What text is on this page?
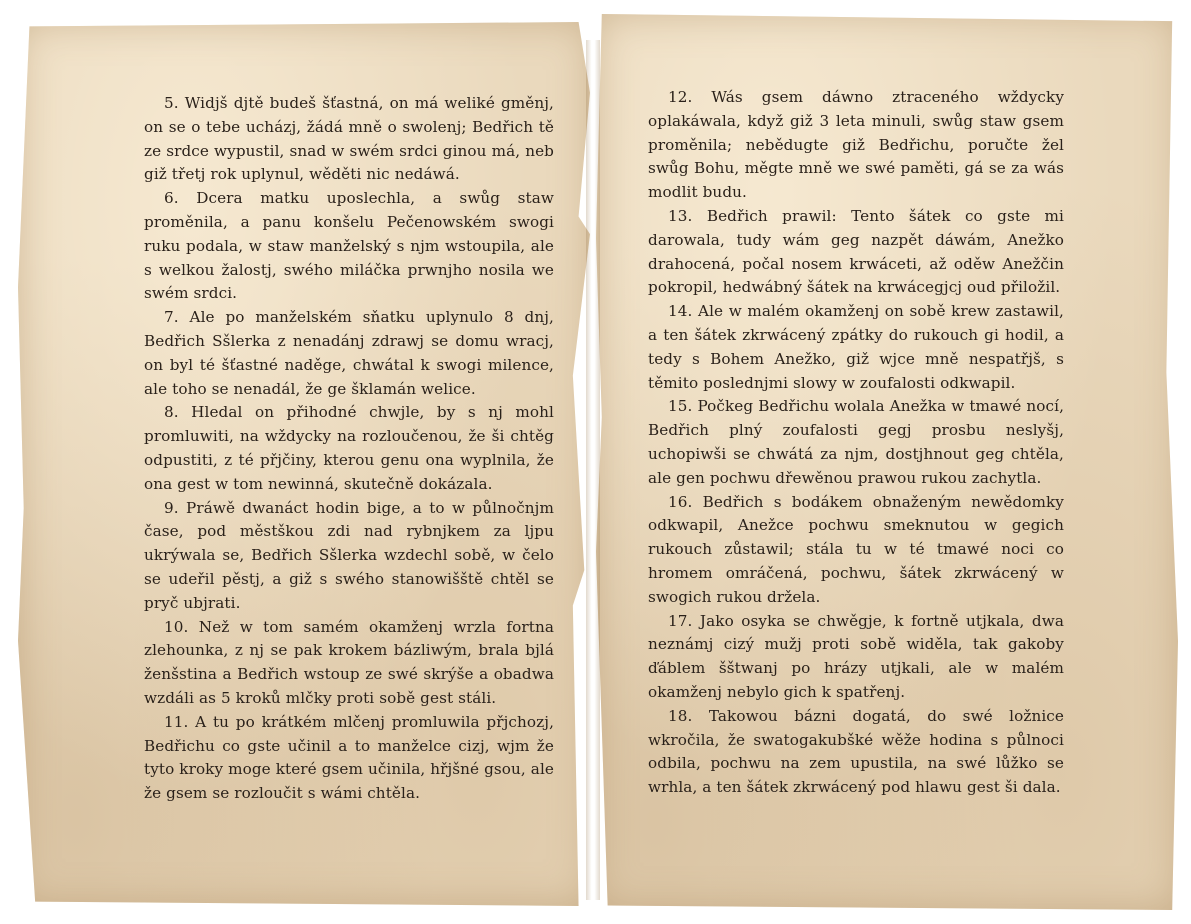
5. Widjš djtě budeš šťastná, on má weliké gměnj, on se o tebe ucházj, žádá mně o swolenj; Bedřich tě ze srdce wypustil, snad w swém srdci ginou má, neb giž třetj rok uplynul, wěděti nic nedáwá.

6. Dcera matku uposlechla, a swůg staw proměnila, a panu konšelu Pečenowském swogi ruku podala, w staw manželský s njm wstoupila, ale s welkou žalostj, swého miláčka prwnjho nosila we swém srdci.

7. Ale po manželském sňatku uplynulo 8 dnj, Bedřich Sšlerka z nenadánj zdrawj se domu wracj, on byl té šťastné naděge, chwátal k swogi milence, ale toho se nenadál, že ge šklamán welice.

8. Hledal on přihodné chwjle, by s nj mohl promluwiti, na wždycky na rozloučenou, že ši chtěg odpustiti, z té přjčiny, kterou genu ona wyplnila, že ona gest w tom newinná, skutečně dokázala.

9. Práwě dwanáct hodin bige, a to w půlnočnjm čase, pod městškou zdi nad rybnjkem za ljpu ukrýwala se, Bedřich Sšlerka wzdechl sobě, w čelo se udeřil pěstj, a giž s swého stanowišště chtěl se pryč ubjrati.

10. Než w tom samém okamženj wrzla fortna zlehounka, z nj se pak krokem bázliwým, brala bjlá ženšstina a Bedřich wstoup ze swé skrýše a obadwa wzdáli as 5 kroků mlčky proti sobě gest stáli.

11. A tu po krátkém mlčenj promluwila přjchozj, Bedřichu co gste učinil a to manželce cizj, wjm že tyto kroky moge které gsem učinila, hřjšné gsou, ale že gsem se rozloučit s wámi chtěla.

12. Wás gsem dáwno ztraceného wždycky oplakáwala, když giž 3 leta minuli, swůg staw gsem proměnila; nebědugte giž Bedřichu, poručte žel swůg Bohu, měgte mně we swé paměti, gá se za wás modlit budu.

13. Bedřich prawil: Tento šátek co gste mi darowala, tudy wám geg nazpět dáwám, Anežko drahocená, počal nosem krwáceti, až oděw Anežčin pokropil, hedwábný šátek na krwácegjcj oud přiložil.

14. Ale w malém okamženj on sobě krew zastawil, a ten šátek zkrwácený zpátky do rukouch gi hodil, a tedy s Bohem Anežko, giž wjce mně nespatřjš, s těmito poslednjmi slowy w zoufalosti odkwapil.

15. Počkeg Bedřichu wolala Anežka w tmawé nocí, Bedřich plný zoufalosti gegj prosbu neslyšj, uchopiwši se chwátá za njm, dostjhnout geg chtěla, ale gen pochwu dřewěnou prawou rukou zachytla.

16. Bedřich s bodákem obnaženým newědomky odkwapil, Anežce pochwu smeknutou w gegich rukouch zůstawil; stála tu w té tmawé noci co hromem omráčená, pochwu, šátek zkrwácený w swogich rukou držela.

17. Jako osyka se chwěgje, k fortně utjkala, dwa neznámj cizý mužj proti sobě widěla, tak gakoby ďáblem šštwanj po hrázy utjkali, ale w malém okamženj nebylo gich k spatřenj.

18. Takowou bázni dogatá, do swé ložnice wkročila, že swatogakubšké wěže hodina s půlnoci odbila, pochwu na zem upustila, na swé lůžko se wrhla, a ten šátek zkrwácený pod hlawu gest ši dala.
